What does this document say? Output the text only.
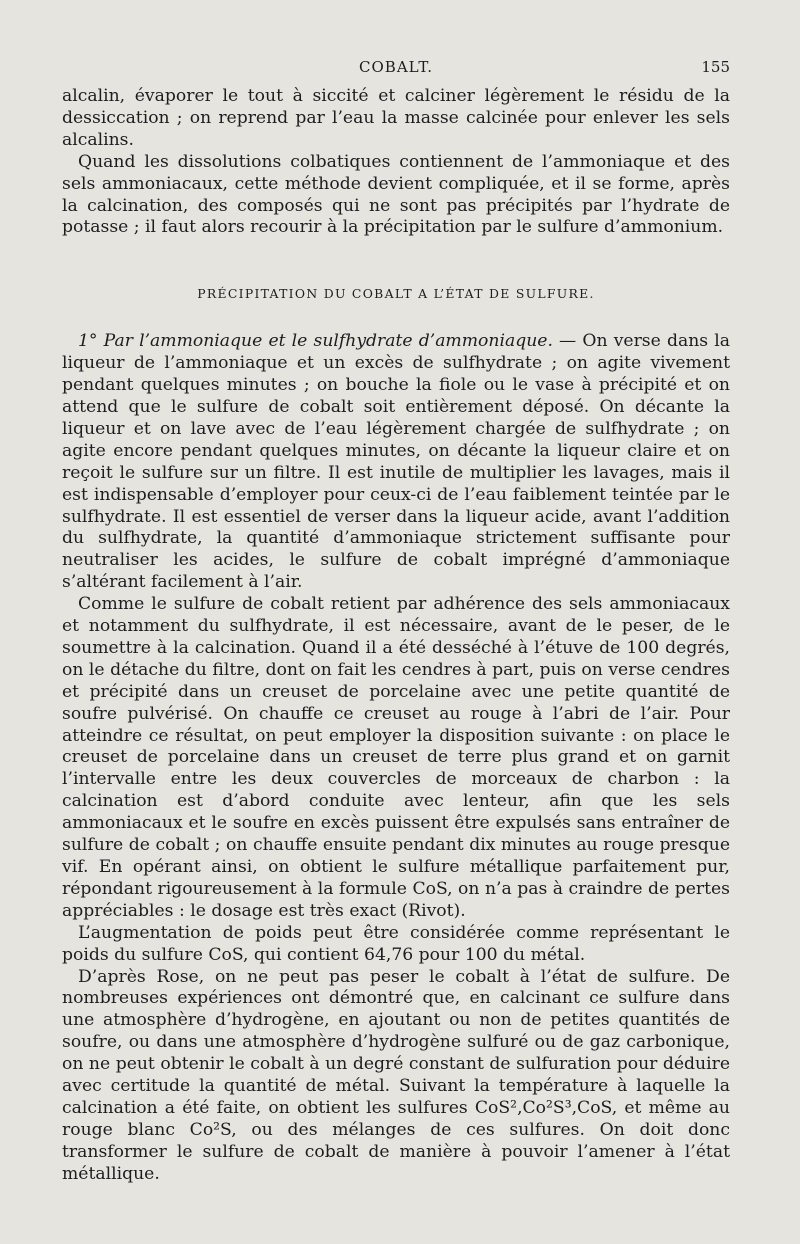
COBALT.	155

alcalin, évaporer le tout à siccité et calciner légèrement le résidu de la dessiccation ; on reprend par l’eau la masse calcinée pour enlever les sels alcalins.

Quand les dissolutions colbatiques contiennent de l’ammoniaque et des sels ammoniacaux, cette méthode devient compliquée, et il se forme, après la calcination, des composés qui ne sont pas précipités par l’hydrate de potasse ; il faut alors recourir à la précipitation par le sulfure d’ammonium.

PRÉCIPITATION DU COBALT A L’ÉTAT DE SULFURE.

1° Par l’ammoniaque et le sulfhydrate d’ammoniaque. — On verse dans la liqueur de l’ammoniaque et un excès de sulfhydrate ; on agite vivement pendant quelques minutes ; on bouche la fiole ou le vase à précipité et on attend que le sulfure de cobalt soit entièrement déposé. On décante la liqueur et on lave avec de l’eau légèrement chargée de sulfhydrate ; on agite encore pendant quelques minutes, on décante la liqueur claire et on reçoit le sulfure sur un filtre. Il est inutile de multiplier les lavages, mais il est indispensable d’employer pour ceux-ci de l’eau faiblement teintée par le sulfhydrate. Il est essentiel de verser dans la liqueur acide, avant l’addition du sulfhydrate, la quantité d’ammoniaque strictement suffisante pour neutraliser les acides, le sulfure de cobalt imprégné d’ammoniaque s’altérant facilement à l’air.

Comme le sulfure de cobalt retient par adhérence des sels ammoniacaux et notamment du sulfhydrate, il est nécessaire, avant de le peser, de le soumettre à la calcination. Quand il a été desséché à l’étuve de 100 degrés, on le détache du filtre, dont on fait les cendres à part, puis on verse cendres et précipité dans un creuset de porcelaine avec une petite quantité de soufre pulvérisé. On chauffe ce creuset au rouge à l’abri de l’air. Pour atteindre ce résultat, on peut employer la disposition suivante : on place le creuset de porcelaine dans un creuset de terre plus grand et on garnit l’intervalle entre les deux couvercles de morceaux de charbon : la calcination est d’abord conduite avec lenteur, afin que les sels ammoniacaux et le soufre en excès puissent être expulsés sans entraîner de sulfure de cobalt ; on chauffe ensuite pendant dix minutes au rouge presque vif. En opérant ainsi, on obtient le sulfure métallique parfaitement pur, répondant rigoureusement à la formule CoS, on n’a pas à craindre de pertes appréciables : le dosage est très exact (Rivot).

L’augmentation de poids peut être considérée comme représentant le poids du sulfure CoS, qui contient 64,76 pour 100 du métal.

D’après Rose, on ne peut pas peser le cobalt à l’état de sulfure. De nombreuses expériences ont démontré que, en calcinant ce sulfure dans une atmosphère d’hydrogène, en ajoutant ou non de petites quantités de soufre, ou dans une atmosphère d’hydrogène sulfuré ou de gaz carbonique, on ne peut obtenir le cobalt à un degré constant de sulfuration pour déduire avec certitude la quantité de métal. Suivant la température à laquelle la calcination a été faite, on obtient les sulfures CoS²,Co²S³,CoS, et même au rouge blanc Co²S, ou des mélanges de ces sulfures. On doit donc transformer le sulfure de cobalt de manière à pouvoir l’amener à l’état métallique.
